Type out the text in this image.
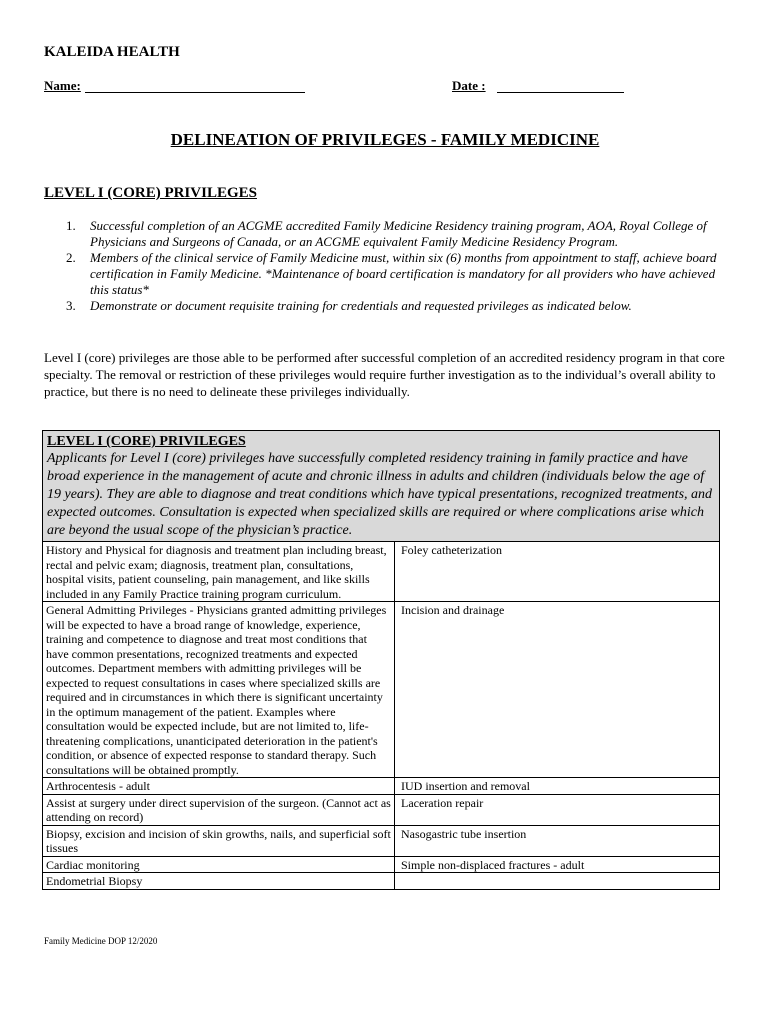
KALEIDA HEALTH
Name:	Date :
DELINEATION OF PRIVILEGES - FAMILY MEDICINE
LEVEL I (CORE) PRIVILEGES
1. Successful completion of an ACGME accredited Family Medicine Residency training program, AOA, Royal College of Physicians and Surgeons of Canada, or an ACGME equivalent Family Medicine Residency Program.
2. Members of the clinical service of Family Medicine must, within six (6) months from appointment to staff, achieve board certification in Family Medicine. *Maintenance of board certification is mandatory for all providers who have achieved this status*
3. Demonstrate or document requisite training for credentials and requested privileges as indicated below.
Level I (core) privileges are those able to be performed after successful completion of an accredited residency program in that core specialty. The removal or restriction of these privileges would require further investigation as to the individual’s overall ability to practice, but there is no need to delineate these privileges individually.
LEVEL I (CORE) PRIVILEGES
Applicants for Level I (core) privileges have successfully completed residency training in family practice and have broad experience in the management of acute and chronic illness in adults and children (individuals below the age of 19 years). They are able to diagnose and treat conditions which have typical presentations, recognized treatments, and expected outcomes. Consultation is expected when specialized skills are required or where complications arise which are beyond the usual scope of the physician’s practice.
History and Physical for diagnosis and treatment plan including breast, rectal and pelvic exam; diagnosis, treatment plan, consultations, hospital visits, patient counseling, pain management, and like skills included in any Family Practice training program curriculum.	Foley catheterization
General Admitting Privileges - Physicians granted admitting privileges will be expected to have a broad range of knowledge, experience, training and competence to diagnose and treat most conditions that have common presentations, recognized treatments and expected outcomes. Department members with admitting privileges will be expected to request consultations in cases where specialized skills are required and in circumstances in which there is significant uncertainty in the optimum management of the patient. Examples where consultation would be expected include, but are not limited to, life-threatening complications, unanticipated deterioration in the patient's condition, or absence of expected response to standard therapy. Such consultations will be obtained promptly.	Incision and drainage
Arthrocentesis - adult	IUD insertion and removal
Assist at surgery under direct supervision of the surgeon. (Cannot act as attending on record)	Laceration repair
Biopsy, excision and incision of skin growths, nails, and superficial soft tissues	Nasogastric tube insertion
Cardiac monitoring	Simple non-displaced fractures - adult
Endometrial Biopsy	
Family Medicine DOP 12/2020
